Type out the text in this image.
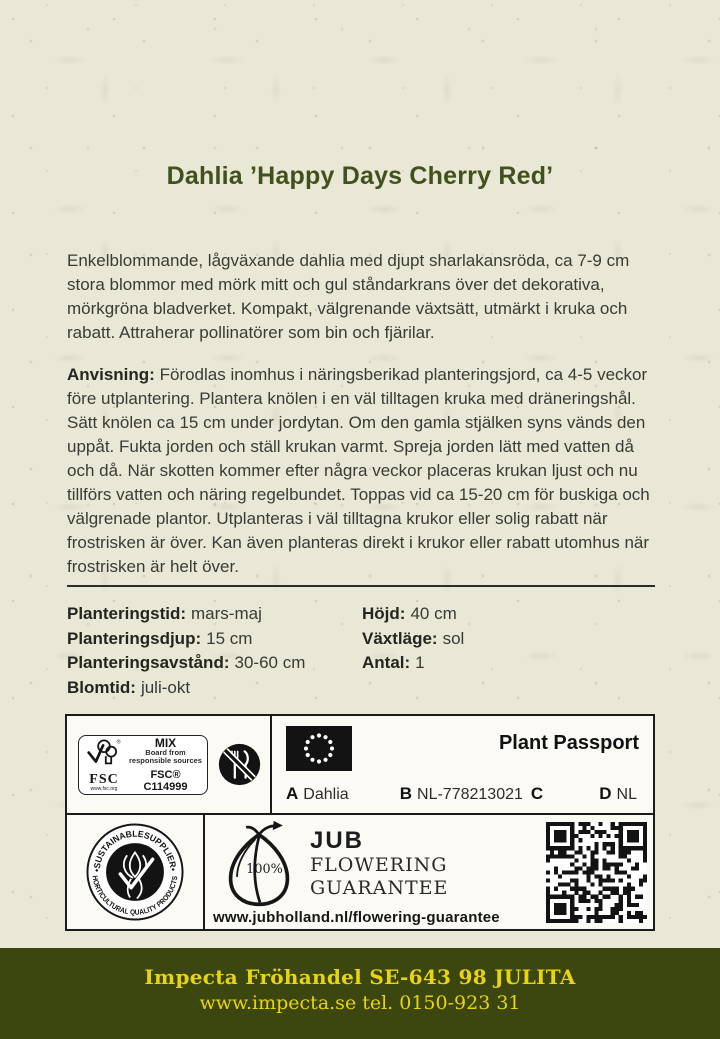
Dahlia ’Happy Days Cherry Red’

Enkelblommande, lågväxande dahlia med djupt sharlakansröda, ca 7-9 cm stora blommor med mörk mitt och gul ståndarkrans över det dekorativa, mörkgröna bladverket. Kompakt, välgrenande växtsätt, utmärkt i kruka och rabatt. Attraherar pollinatörer som bin och fjärilar.

Anvisning: Förodlas inomhus i näringsberikad planteringsjord, ca 4-5 veckor före utplantering. Plantera knölen i en väl tilltagen kruka med dräneringshål. Sätt knölen ca 15 cm under jordytan. Om den gamla stjälken syns vänds den uppåt. Fukta jorden och ställ krukan varmt. Spreja jorden lätt med vatten då och då. När skotten kommer efter några veckor placeras krukan ljust och nu tillförs vatten och näring regelbundet. Toppas vid ca 15-20 cm för buskiga och välgrenade plantor. Utplanteras i väl tilltagna krukor eller solig rabatt när frostrisken är över. Kan även planteras direkt i krukor eller rabatt utomhus när frostrisken är helt över.

Planteringstid: mars-maj
Planteringsdjup: 15 cm
Planteringsavstånd: 30-60 cm
Blomtid: juli-okt
Höjd: 40 cm
Växtläge: sol
Antal: 1
®
FSC
www.fsc.org
MIX
Board from
responsible sources
FSC® C114999
Plant Passport
A Dahlia	B NL-778213021 C	D NL
•SUSTAINABLESUPPLIER•
HORTICULTURAL QUALITY PRODUCTS
100%
JUB
FLOWERING
GUARANTEE
www.jubholland.nl/flowering-guarantee
Impecta Fröhandel SE-643 98 JULITA
www.impecta.se tel. 0150-923 31
